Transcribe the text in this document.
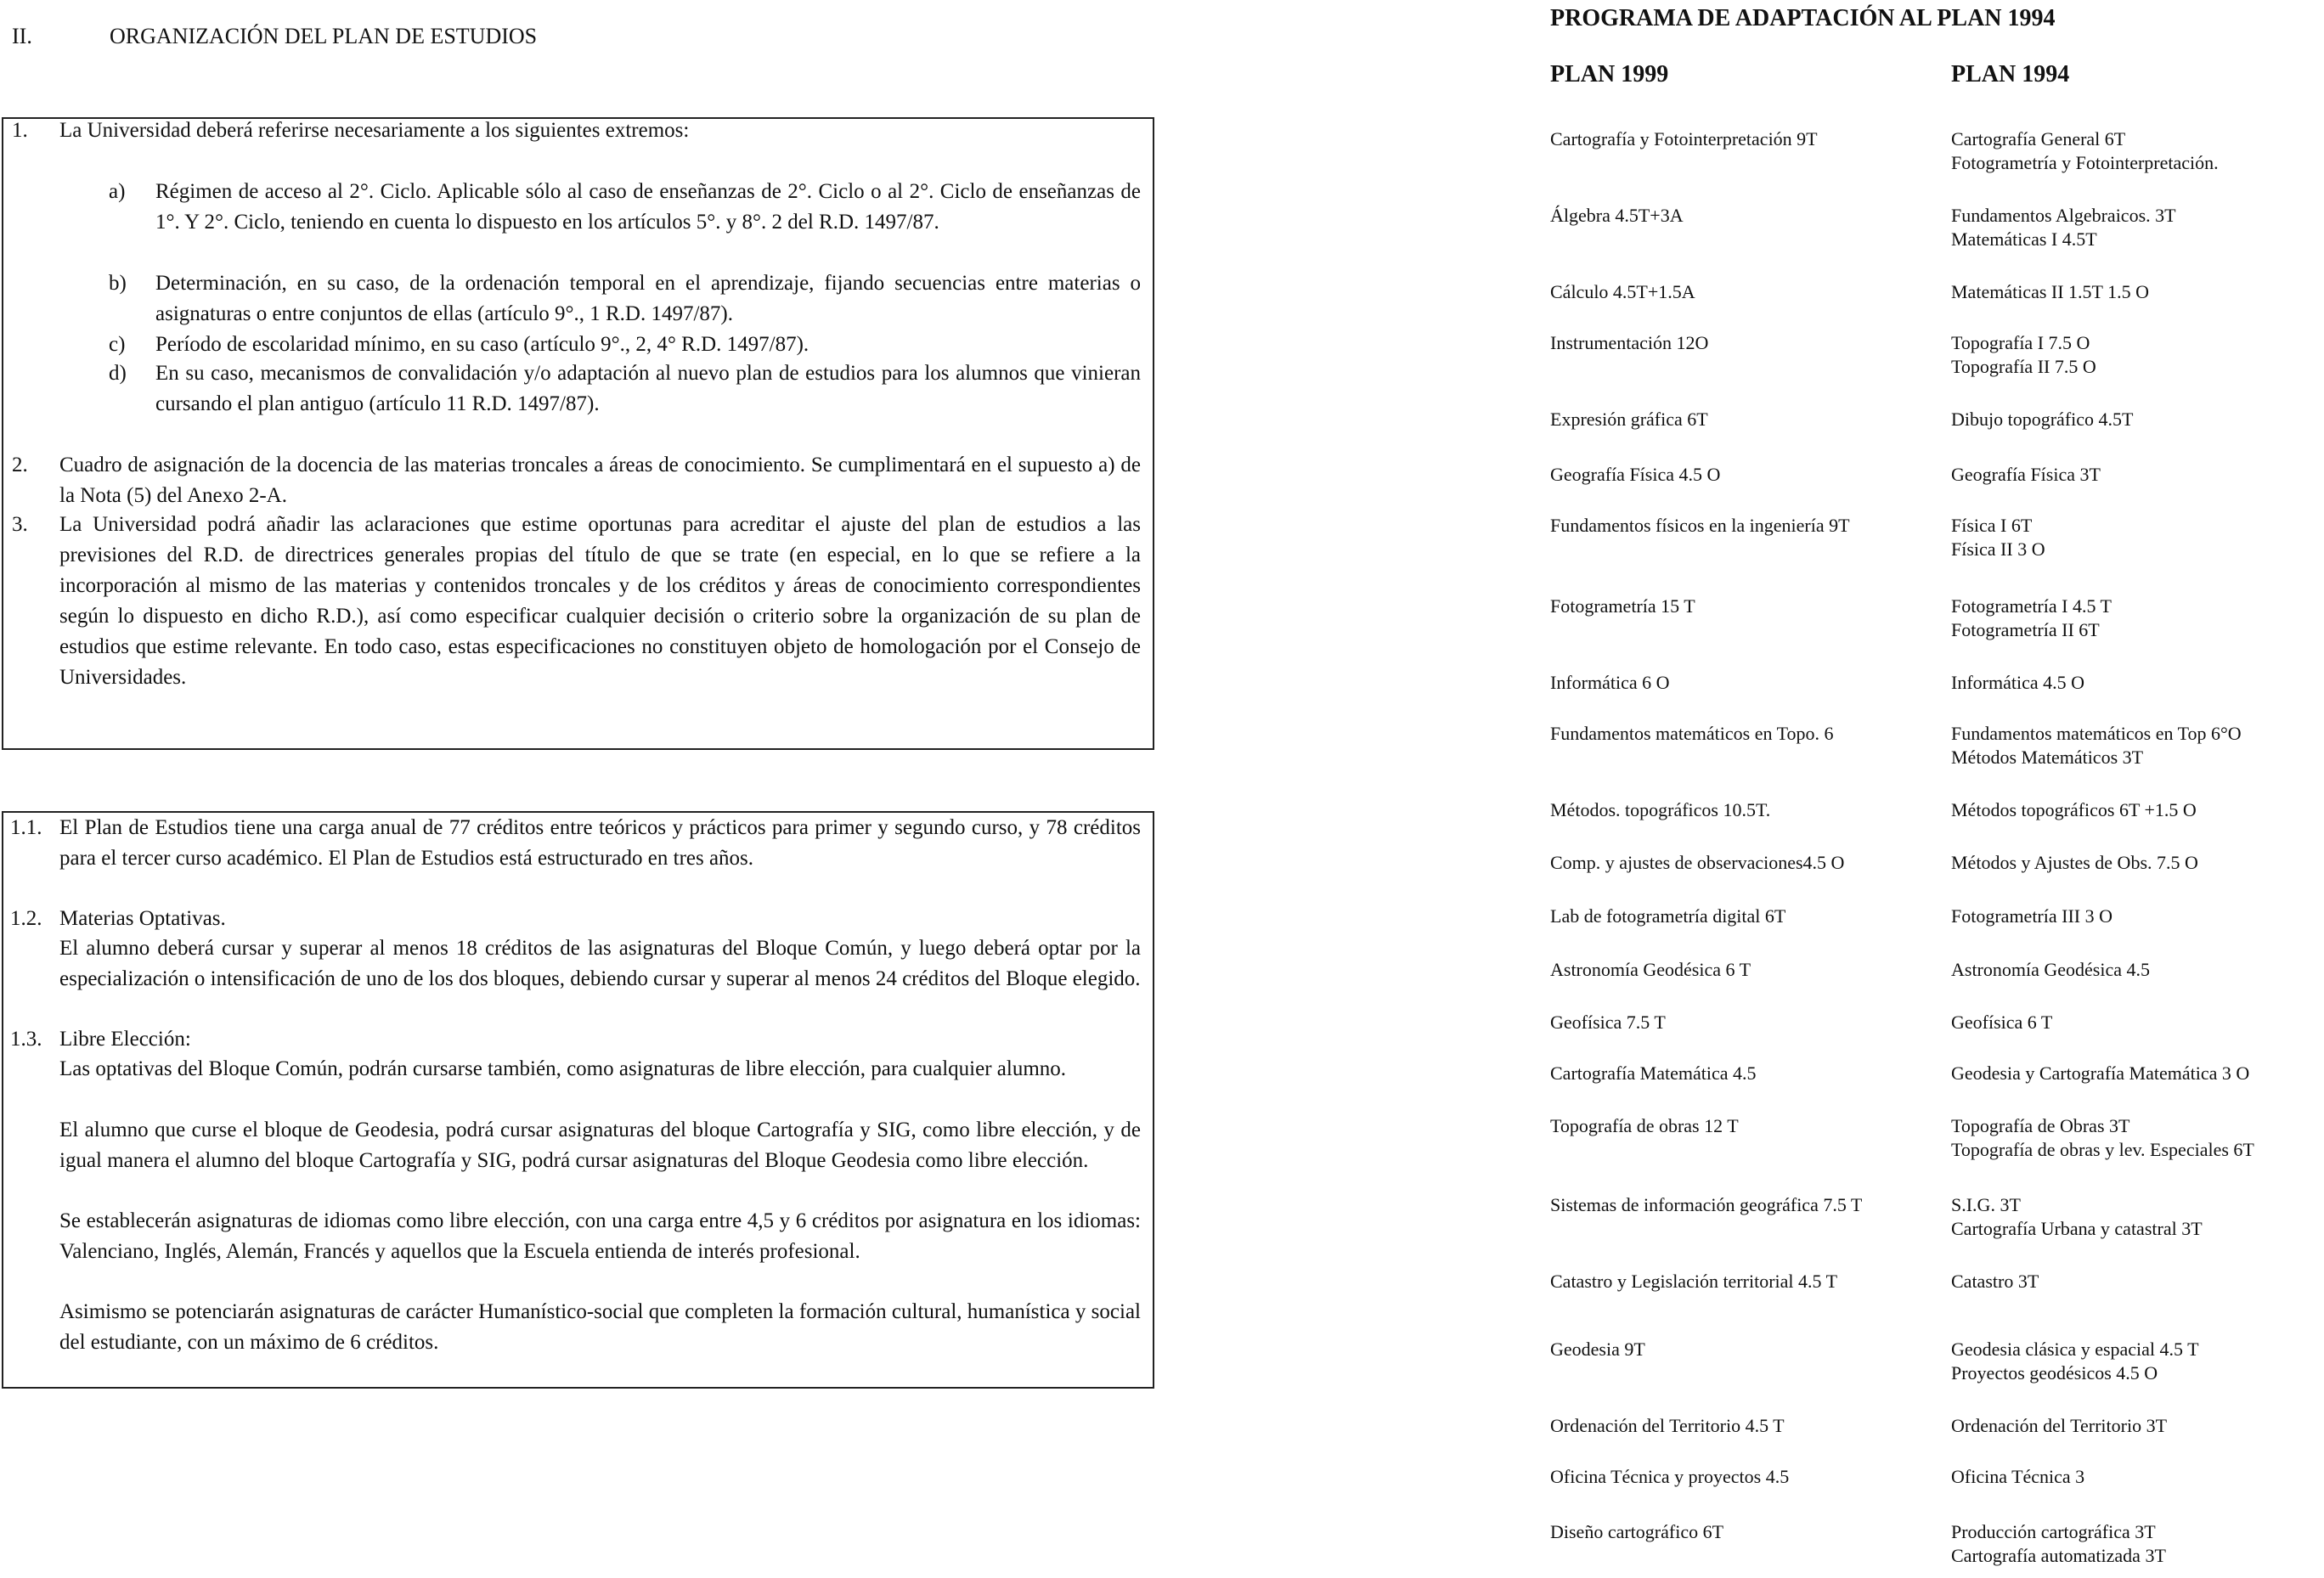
II.	ORGANIZACIÓN DEL PLAN DE ESTUDIOS
1. La Universidad deberá referirse necesariamente a los siguientes extremos:
a) Régimen de acceso al 2°. Ciclo. Aplicable sólo al caso de enseñanzas de 2°. Ciclo o al 2°. Ciclo de enseñanzas de 1°. Y 2°. Ciclo, teniendo en cuenta lo dispuesto en los artículos 5°. y 8°. 2 del R.D. 1497/87.
b) Determinación, en su caso, de la ordenación temporal en el aprendizaje, fijando secuencias entre materias o asignaturas o entre conjuntos de ellas (artículo 9°., 1 R.D. 1497/87).
c) Período de escolaridad mínimo, en su caso (artículo 9°., 2, 4° R.D. 1497/87).
d) En su caso, mecanismos de convalidación y/o adaptación al nuevo plan de estudios para los alumnos que vinieran cursando el plan antiguo (artículo 11 R.D. 1497/87).
2. Cuadro de asignación de la docencia de las materias troncales a áreas de conocimiento. Se cumplimentará en el supuesto a) de la Nota (5) del Anexo 2-A.
3. La Universidad podrá añadir las aclaraciones que estime oportunas para acreditar el ajuste del plan de estudios a las previsiones del R.D. de directrices generales propias del título de que se trate (en especial, en lo que se refiere a la incorporación al mismo de las materias y contenidos troncales y de los créditos y áreas de conocimiento correspondientes según lo dispuesto en dicho R.D.), así como especificar cualquier decisión o criterio sobre la organización de su plan de estudios que estime relevante. En todo caso, estas especificaciones no constituyen objeto de homologación por el Consejo de Universidades.
1.1. El Plan de Estudios tiene una carga anual de 77 créditos entre teóricos y prácticos para primer y segundo curso, y 78 créditos para el tercer curso académico. El Plan de Estudios está estructurado en tres años.
1.2. Materias Optativas.
El alumno deberá cursar y superar al menos 18 créditos de las asignaturas del Bloque Común, y luego deberá optar por la especialización o intensificación de uno de los dos bloques, debiendo cursar y superar al menos 24 créditos del Bloque elegido.
1.3. Libre Elección:
Las optativas del Bloque Común, podrán cursarse también, como asignaturas de libre elección, para cualquier alumno.
El alumno que curse el bloque de Geodesia, podrá cursar asignaturas del bloque Cartografía y SIG, como libre elección, y de igual manera el alumno del bloque Cartografía y SIG, podrá cursar asignaturas del Bloque Geodesia como libre elección.
Se establecerán asignaturas de idiomas como libre elección, con una carga entre 4,5 y 6 créditos por asignatura en los idiomas: Valenciano, Inglés, Alemán, Francés y aquellos que la Escuela entienda de interés profesional.
Asimismo se potenciarán asignaturas de carácter Humanístico-social que completen la formación cultural, humanística y social del estudiante, con un máximo de 6 créditos.
PROGRAMA DE ADAPTACIÓN AL PLAN 1994
PLAN 1999	PLAN 1994
Cartografía y Fotointerpretación 9T	Cartografía General 6T
Fotogrametría y Fotointerpretación.
Álgebra 4.5T+3A	Fundamentos Algebraicos. 3T
Matemáticas I 4.5T
Cálculo 4.5T+1.5A	Matemáticas II 1.5T 1.5 O
Instrumentación 12O	Topografía I 7.5 O
Topografía II 7.5 O
Expresión gráfica 6T	Dibujo topográfico 4.5T
Geografía Física 4.5 O	Geografía Física 3T
Fundamentos físicos en la ingeniería 9T	Física I 6T
Física II 3 O
Fotogrametría 15 T	Fotogrametría I 4.5 T
Fotogrametría II 6T
Informática 6 O	Informática 4.5 O
Fundamentos matemáticos en Topo. 6	Fundamentos matemáticos en Top 6°O
Métodos Matemáticos 3T
Métodos. topográficos 10.5T.	Métodos topográficos 6T +1.5 O
Comp. y ajustes de observaciones4.5 O	Métodos y Ajustes de Obs. 7.5 O
Lab de fotogrametría digital 6T	Fotogrametría III 3 O
Astronomía Geodésica 6 T	Astronomía Geodésica 4.5
Geofísica 7.5 T	Geofísica 6 T
Cartografía Matemática 4.5	Geodesia y Cartografía Matemática 3 O
Topografía de obras 12 T	Topografía de Obras 3T
Topografía de obras y lev. Especiales 6T
Sistemas de información geográfica 7.5 T	S.I.G. 3T
Cartografía Urbana y catastral 3T
Catastro y Legislación territorial 4.5 T	Catastro 3T
Geodesia 9T	Geodesia clásica y espacial 4.5 T
Proyectos geodésicos 4.5 O
Ordenación del Territorio 4.5 T	Ordenación del Territorio 3T
Oficina Técnica y proyectos 4.5	Oficina Técnica 3
Diseño cartográfico 6T	Producción cartográfica 3T
Cartografía automatizada 3T
